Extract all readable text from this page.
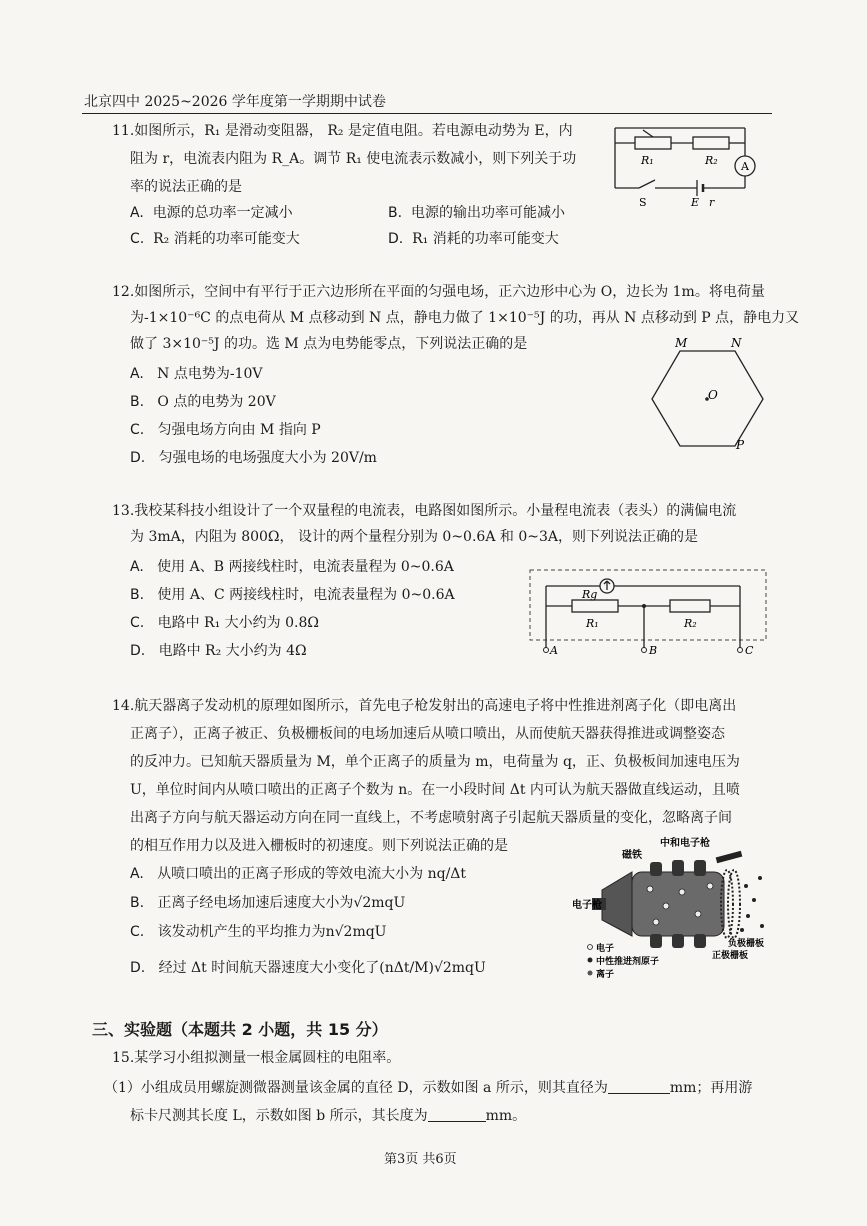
北京四中 2025~2026 学年度第一学期期中试卷
11.如图所示，R₁ 是滑动变阻器， R₂ 是定值电阻。若电源电动势为 E，内
阻为 r，电流表内阻为 R_A。调节 R₁ 使电流表示数减小，则下列关于功
率的说法正确的是
A. 电源的总功率一定减小	B. 电源的输出功率可能减小
C. R₂ 消耗的功率可能变大	D. R₁ 消耗的功率可能变大
R₁	R₂ A
S	E r
12.如图所示，空间中有平行于正六边形所在平面的匀强电场，正六边形中心为 O，边长为 1m。将电荷量
为-1×10⁻⁶C 的点电荷从 M 点移动到 N 点，静电力做了 1×10⁻⁵J 的功，再从 N 点移动到 P 点，静电力又
做了 3×10⁻⁵J 的功。选 M 点为电势能零点，下列说法正确的是
A. N 点电势为-10V
B. O 点的电势为 20V
C. 匀强电场方向由 M 指向 P
D. 匀强电场的电场强度大小为 20V/m
M	N
O
P
13.我校某科技小组设计了一个双量程的电流表，电路图如图所示。小量程电流表（表头）的满偏电流
为 3mA，内阻为 800Ω， 设计的两个量程分别为 0~0.6A 和 0~3A，则下列说法正确的是
A. 使用 A、B 两接线柱时，电流表量程为 0~0.6A
B. 使用 A、C 两接线柱时，电流表量程为 0~0.6A
C. 电路中 R₁ 大小约为 0.8Ω
D. 电路中 R₂ 大小约为 4Ω
Rg
R₁	R₂
A	B	C
14.航天器离子发动机的原理如图所示，首先电子枪发射出的高速电子将中性推进剂离子化（即电离出
正离子），正离子被正、负极栅板间的电场加速后从喷口喷出，从而使航天器获得推进或调整姿态
的反冲力。已知航天器质量为 M，单个正离子的质量为 m，电荷量为 q，正、负极板间加速电压为
U，单位时间内从喷口喷出的正离子个数为 n。在一小段时间 Δt 内可认为航天器做直线运动，且喷
出离子方向与航天器运动方向在同一直线上，不考虑喷射离子引起航天器质量的变化，忽略离子间
的相互作用力以及进入栅板时的初速度。则下列说法正确的是
A. 从喷口喷出的正离子形成的等效电流大小为 nq/Δt
B. 正离子经电场加速后速度大小为√2mqU
C. 该发动机产生的平均推力为n√2mqU
D. 经过 Δt 时间航天器速度大小变化了(nΔt/M)√2mqU
磁铁
中和电子枪
电子枪
负极栅板
正极栅板
电子
中性推进剂原子
离子
三、实验题（本题共 2 小题，共 15 分）
15.某学习小组拟测量一根金属圆柱的电阻率。
（1）小组成员用螺旋测微器测量该金属的直径 D，示数如图 a 所示，则其直径为	mm；再用游
标卡尺测其长度 L，示数如图 b 所示，其长度为	mm。
第3页 共6页
